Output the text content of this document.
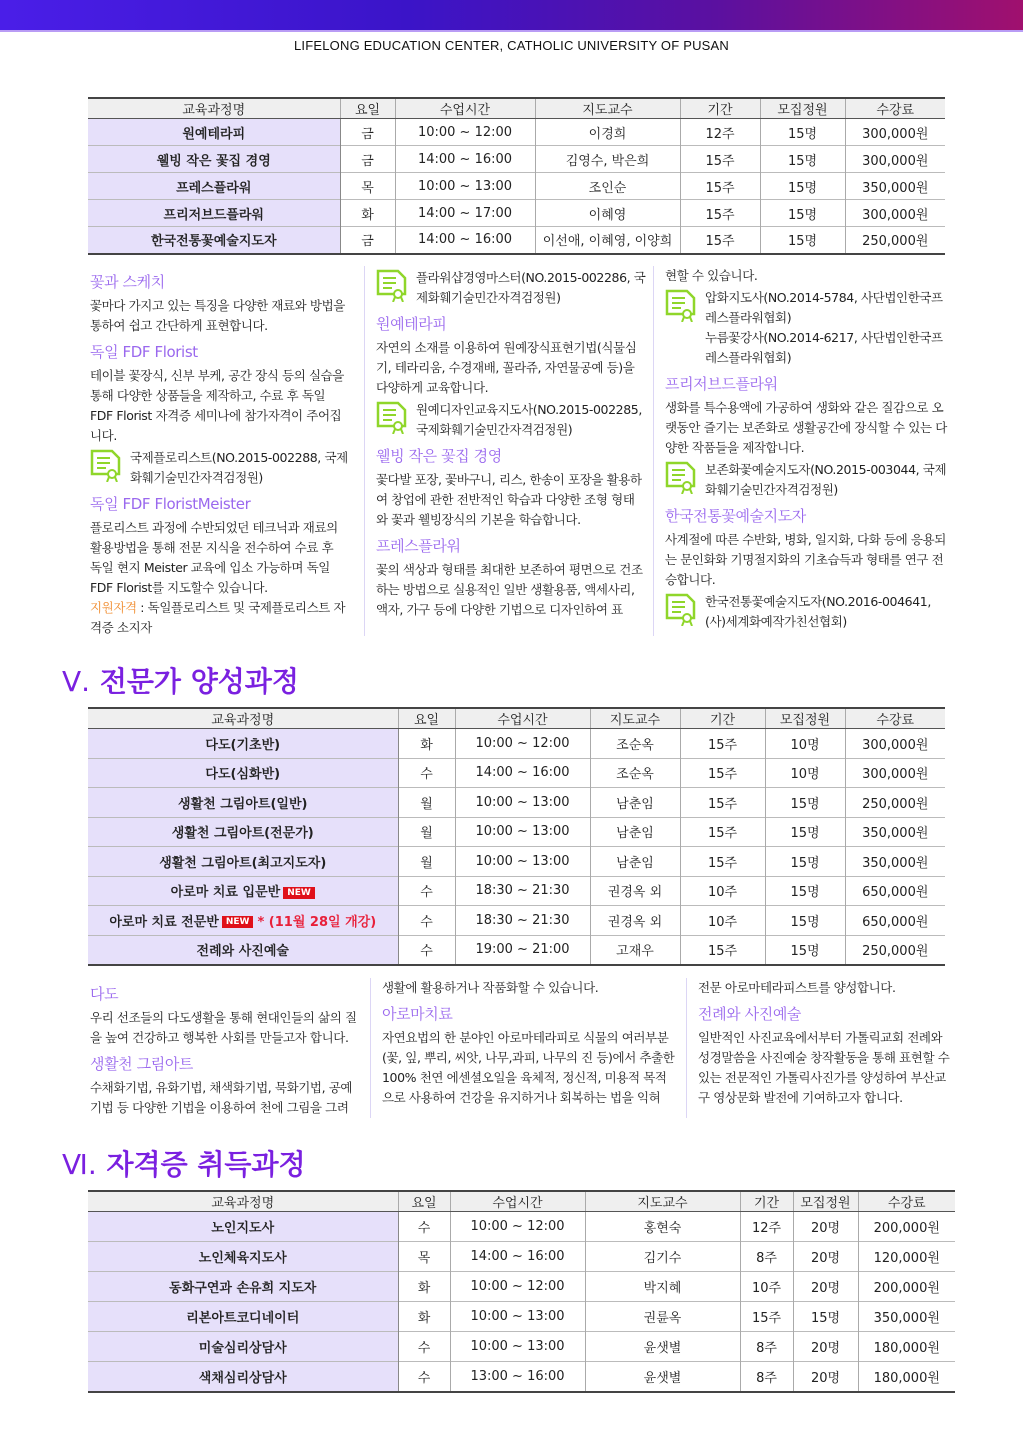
LIFELONG EDUCATION CENTER, CATHOLIC UNIVERSITY OF PUSAN
교육과정명	요일	수업시간	지도교수	기간	모집정원	수강료
원예테라피	금	10:00 ~ 12:00	이경희	12주	15명	300,000원
웰빙 작은 꽃집 경영	금	14:00 ~ 16:00	김영수, 박은희	15주	15명	300,000원
프레스플라워	목	10:00 ~ 13:00	조인순	15주	15명	350,000원
프리저브드플라워	화	14:00 ~ 17:00	이혜영	15주	15명	300,000원
한국전통꽃예술지도자	금	14:00 ~ 16:00	이선애, 이혜영, 이양희	15주	15명	250,000원
꽃과 스케치

꽃마다 가지고 있는 특징을 다양한 재료와 방법을 통하여 쉽고 간단하게 표현합니다.

독일 FDF Florist

테이블 꽃장식, 신부 부케, 공간 장식 등의 실습을 통해 다양한 상품들을 제작하고, 수료 후 독일 FDF Florist 자격증 세미나에 참가자격이 주어집니다.

국제플로리스트(NO.2015-002288, 국제화훼기술민간자격검정원)

독일 FDF FloristMeister

플로리스트 과정에 수반되었던 테크닉과 재료의 활용방법을 통해 전문 지식을 전수하여 수료 후 독일 현지 Meister 교육에 입소 가능하며 독일 FDF Florist를 지도할수 있습니다.

지원자격 : 독일플로리스트 및 국제플로리스트 자격증 소지자

플라워샵경영마스터(NO.2015-002286, 국제화훼기술민간자격검정원)

원예테라피

자연의 소재를 이용하여 원예장식표현기법(식물심기, 테라리움, 수경재배, 꼴라쥬, 자연물공예 등)을 다양하게 교육합니다.

원예디자인교육지도사(NO.2015-002285, 국제화훼기술민간자격검정원)

웰빙 작은 꽃집 경영

꽃다발 포장, 꽃바구니, 리스, 한송이 포장을 활용하여 창업에 관한 전반적인 학습과 다양한 조형 형태와 꽃과 웰빙장식의 기본을 학습합니다.

프레스플라워

꽃의 색상과 형태를 최대한 보존하여 평면으로 건조하는 방법으로 실용적인 일반 생활용품, 액세사리, 액자, 가구 등에 다양한 기법으로 디자인하여 표

현할 수 있습니다.

압화지도사(NO.2014-5784, 사단법인한국프레스플라워협회)

누름꽃강사(NO.2014-6217, 사단법인한국프레스플라워협회)

프리저브드플라워

생화를 특수용액에 가공하여 생화와 같은 질감으로 오랫동안 즐기는 보존화로 생활공간에 장식할 수 있는 다양한 작품들을 제작합니다.

보존화꽃예술지도자(NO.2015-003044, 국제화훼기술민간자격검정원)

한국전통꽃예술지도자

사계절에 따른 수반화, 병화, 일지화, 다화 등에 응용되는 문인화화 기명절지화의 기초습득과 형태를 연구 전승합니다.

한국전통꽃예술지도자(NO.2016-004641, (사)세계화예작가친선협회)

Ⅴ. 전문가 양성과정
교육과정명	요일	수업시간	지도교수	기간	모집정원	수강료
다도(기초반)	화	10:00 ~ 12:00	조순옥	15주	10명	300,000원
다도(심화반)	수	14:00 ~ 16:00	조순옥	15주	10명	300,000원
생활천 그림아트(일반)	월	10:00 ~ 13:00	남춘임	15주	15명	250,000원
생활천 그림아트(전문가)	월	10:00 ~ 13:00	남춘임	15주	15명	350,000원
생활천 그림아트(최고지도자)	월	10:00 ~ 13:00	남춘임	15주	15명	350,000원
아로마 치료 입문반 NEW	수	18:30 ~ 21:30	권경옥 외	10주	15명	650,000원
아로마 치료 전문반 NEW * (11월 28일 개강)	수	18:30 ~ 21:30	권경옥 외	10주	15명	650,000원
전례와 사진예술	수	19:00 ~ 21:00	고재우	15주	15명	250,000원
다도

우리 선조들의 다도생활을 통해 현대인들의 삶의 질을 높여 건강하고 행복한 사회를 만들고자 합니다.

생활천 그림아트

수채화기법, 유화기법, 채색화기법, 묵화기법, 공예기법 등 다양한 기법을 이용하여 천에 그림을 그려

생활에 활용하거나 작품화할 수 있습니다.

아로마치료

자연요법의 한 분야인 아로마테라피로 식물의 여러부분(꽃, 잎, 뿌리, 씨앗, 나무,과피, 나무의 진 등)에서 추출한 100% 천연 에센셜오일을 육체적, 정신적, 미용적 목적으로 사용하여 건강을 유지하거나 회복하는 법을 익혀

전문 아로마테라피스트를 양성합니다.

전례와 사진예술

일반적인 사진교육에서부터 가톨릭교회 전례와 성경말씀을 사진예술 창작활동을 통해 표현할 수 있는 전문적인 가톨릭사진가를 양성하여 부산교구 영상문화 발전에 기여하고자 합니다.

Ⅵ. 자격증 취득과정
교육과정명	요일	수업시간	지도교수	기간	모집정원	수강료
노인지도사	수	10:00 ~ 12:00	홍현숙	12주	20명	200,000원
노인체육지도사	목	14:00 ~ 16:00	김기수	8주	20명	120,000원
동화구연과 손유희 지도자	화	10:00 ~ 12:00	박지혜	10주	20명	200,000원
리본아트코디네이터	화	10:00 ~ 13:00	권륜옥	15주	15명	350,000원
미술심리상담사	수	10:00 ~ 13:00	윤샛별	8주	20명	180,000원
색채심리상담사	수	13:00 ~ 16:00	윤샛별	8주	20명	180,000원
